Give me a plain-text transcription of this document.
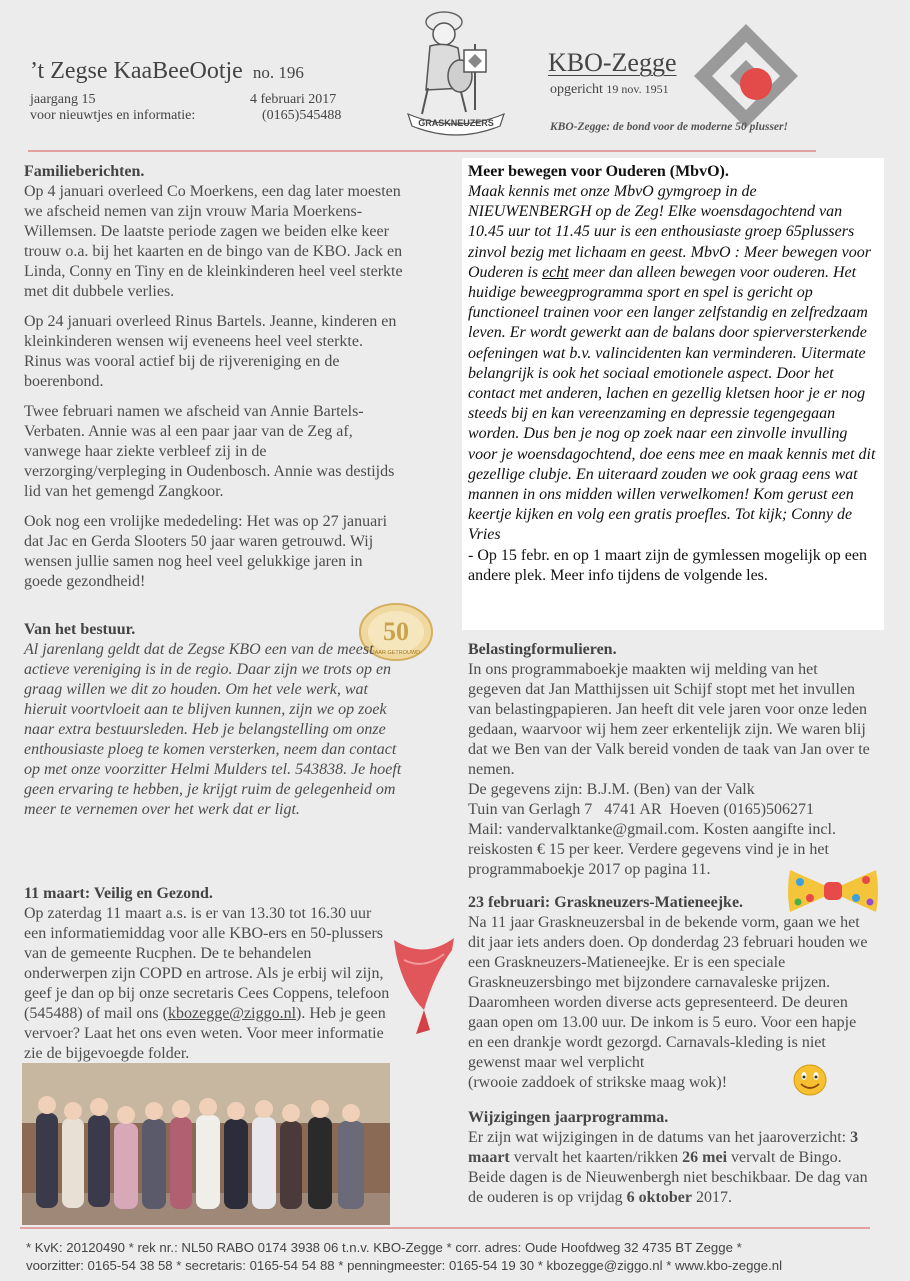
’t Zegse KaaBeeOotje no. 196
jaargang 15	4 februari 2017
voor nieuwtjes en informatie:	(0165)545488	GRASKNEUZERS
KBO-Zegge
opgericht 19 nov. 1951
KBO-Zegge: de bond voor de moderne 50 plusser!
Familieberichten.

Op 4 januari overleed Co Moerkens, een dag later moesten we afscheid nemen van zijn vrouw Maria Moerkens-Willemsen. De laatste periode zagen we beiden elke keer trouw o.a. bij het kaarten en de bingo van de KBO. Jack en Linda, Conny en Tiny en de kleinkinderen heel veel sterkte met dit dubbele verlies.

Op 24 januari overleed Rinus Bartels. Jeanne, kinderen en kleinkinderen wensen wij eveneens heel veel sterkte. Rinus was vooral actief bij de rijvereniging en de boerenbond.

Twee februari namen we afscheid van Annie Bartels-Verbaten. Annie was al een paar jaar van de Zeg af, vanwege haar ziekte verbleef zij in de verzorging/verpleging in Oudenbosch. Annie was destijds lid van het gemengd Zangkoor.

Ook nog een vrolijke mededeling: Het was op 27 januari dat Jac en Gerda Slooters 50 jaar waren getrouwd. Wij wensen jullie samen nog heel veel gelukkige jaren in goede gezondheid!

50
JAAR GETROUWD
Van het bestuur.

Al jarenlang geldt dat de Zegse KBO een van de meest actieve vereniging is in de regio. Daar zijn we trots op en graag willen we dit zo houden. Om het vele werk, wat hieruit voortvloeit aan te blijven kunnen, zijn we op zoek naar extra bestuursleden. Heb je belangstelling om onze enthousiaste ploeg te komen versterken, neem dan contact op met onze voorzitter Helmi Mulders tel. 543838. Je hoeft geen ervaring te hebben, je krijgt ruim de gelegenheid om meer te vernemen over het werk dat er ligt.

11 maart: Veilig en Gezond.

Op zaterdag 11 maart a.s. is er van 13.30 tot 16.30 uur een informatiemiddag voor alle KBO-ers en 50-plussers van de gemeente Rucphen. De te behandelen onderwerpen zijn COPD en artrose. Als je erbij wil zijn, geef je dan op bij onze secretaris Cees Coppens, telefoon (545488) of mail ons (kbozegge@ziggo.nl). Heb je geen vervoer? Laat het ons even weten. Voor meer informatie zie de bijgevoegde folder.

Meer bewegen voor Ouderen (MbvO).

Maak kennis met onze MbvO gymgroep in de NIEUWENBERGH op de Zeg! Elke woensdagochtend van 10.45 uur tot 11.45 uur is een enthousiaste groep 65plussers zinvol bezig met lichaam en geest. MbvO : Meer bewegen voor Ouderen is echt meer dan alleen bewegen voor ouderen. Het huidige beweegprogramma sport en spel is gericht op functioneel trainen voor een langer zelfstandig en zelfredzaam leven. Er wordt gewerkt aan de balans door spierversterkende oefeningen wat b.v. valincidenten kan verminderen. Uitermate belangrijk is ook het sociaal emotionele aspect. Door het contact met anderen, lachen en gezellig kletsen hoor je er nog steeds bij en kan vereenzaming en depressie tegengegaan worden. Dus ben je nog op zoek naar een zinvolle invulling voor je woensdagochtend, doe eens mee en maak kennis met dit gezellige clubje. En uiteraard zouden we ook graag eens wat mannen in ons midden willen verwelkomen! Kom gerust een keertje kijken en volg een gratis proefles. Tot kijk; Conny de Vries

- Op 15 febr. en op 1 maart zijn de gymlessen mogelijk op een andere plek. Meer info tijdens de volgende les.

Belastingformulieren.

In ons programmaboekje maakten wij melding van het gegeven dat Jan Matthijssen uit Schijf stopt met het invullen van belastingpapieren. Jan heeft dit vele jaren voor onze leden gedaan, waarvoor wij hem zeer erkentelijk zijn. We waren blij dat we Ben van der Valk bereid vonden de taak van Jan over te nemen.

De gegevens zijn: B.J.M. (Ben) van der Valk

Tuin van Gerlagh 7   4741 AR  Hoeven (0165)506271

Mail: vandervalktanke@gmail.com. Kosten aangifte incl. reiskosten € 15 per keer. Verdere gegevens vind je in het programmaboekje 2017 op pagina 11.

23 februari: Graskneuzers-Matieneejke.

Na 11 jaar Graskneuzersbal in de bekende vorm, gaan we het dit jaar iets anders doen. Op donderdag 23 februari houden we een Graskneuzers-Matieneejke. Er is een speciale Graskneuzersbingo met bijzondere carnavaleske prijzen. Daaromheen worden diverse acts gepresenteerd. De deuren gaan open om 13.00 uur. De inkom is 5 euro. Voor een hapje en een drankje wordt gezorgd. Carnavals-kleding is niet gewenst maar wel verplicht

(rwooie zaddoek of strikske maag wok)!

Wijzigingen jaarprogramma.

Er zijn wat wijzigingen in de datums van het jaaroverzicht: 3 maart vervalt het kaarten/rikken 26 mei vervalt de Bingo. Beide dagen is de Nieuwenbergh niet beschikbaar. De dag van de ouderen is op vrijdag 6 oktober 2017.

* KvK: 20120490 * rek nr.: NL50 RABO 0174 3938 06 t.n.v. KBO-Zegge * corr. adres: Oude Hoofdweg 32 4735 BT Zegge *
voorzitter: 0165-54 38 58 * secretaris: 0165-54 54 88 * penningmeester: 0165-54 19 30 * kbozegge@ziggo.nl * www.kbo-zegge.nl
